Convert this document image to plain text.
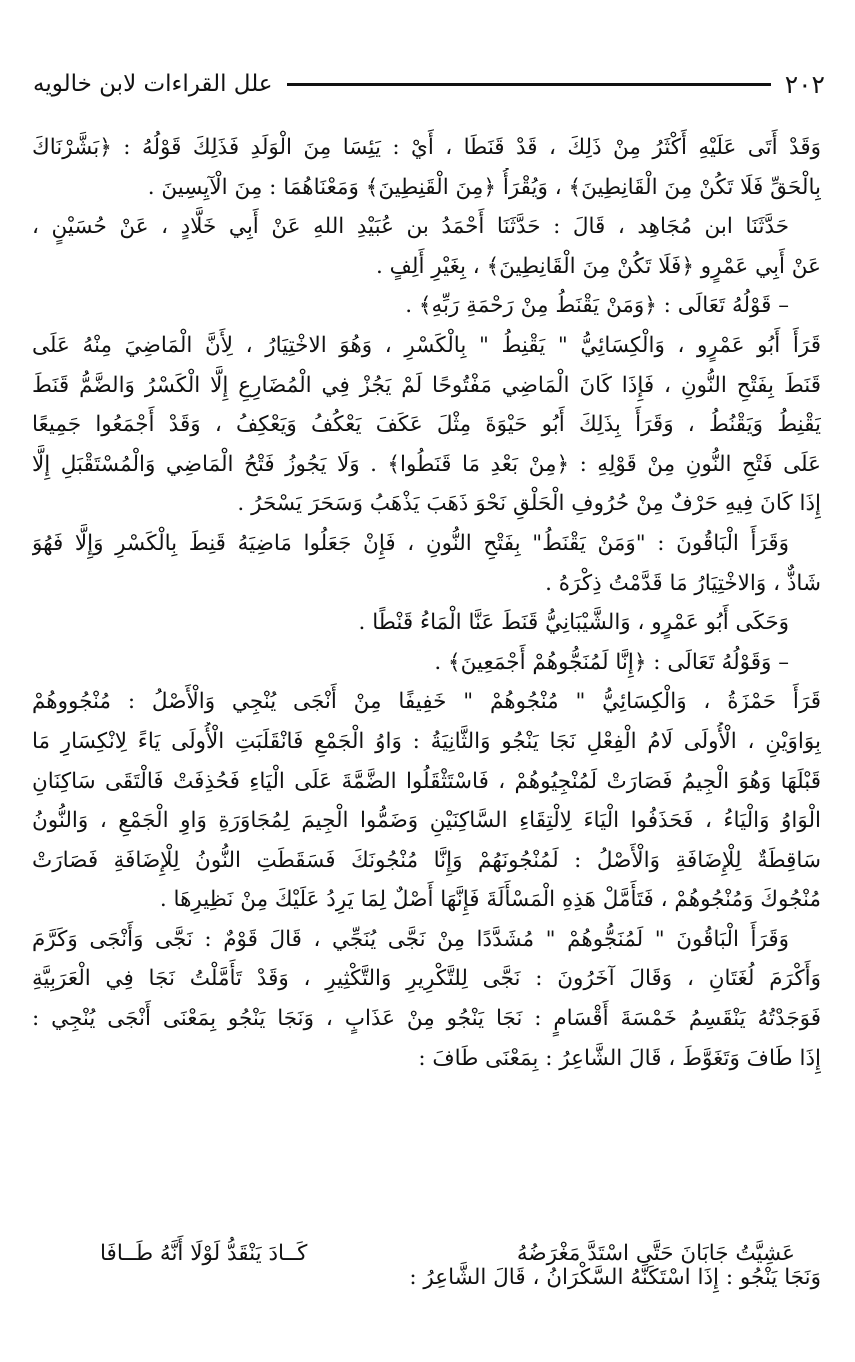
٢٠٢
علل القراءات لابن خالويه
وَقَدْ أَتَى عَلَيْهِ أَكْثَرُ مِنْ ذَلِكَ ، قَدْ قَنَطَا ، أَيْ : يَئِسَا مِنَ الْوَلَدِ فَذَلِكَ قَوْلُهُ : ﴿بَشَّرْنَاكَ
بِالْحَقِّ فَلَا تَكُنْ مِنَ الْقَانِطِينَ﴾ ، وَيُقْرَأُ ﴿مِنَ الْقَنِطِينَ﴾ وَمَعْنَاهُمَا : مِنَ الْآيِسِينَ .
حَدَّثَنَا ابن مُجَاهِد ، قَالَ : حَدَّثَنَا أَحْمَدُ بن عُبَيْدِ اللهِ عَنْ أَبِي خَلَّادٍ ، عَنْ حُسَيْنٍ ،
عَنْ أَبِي عَمْرٍو ﴿فَلَا تَكُنْ مِنَ الْقَانِطِينَ﴾ ، بِغَيْرِ أَلِفٍ .
– قَوْلُهُ تَعَالَى : ﴿وَمَنْ يَقْنَطُ مِنْ رَحْمَةِ رَبِّهِ﴾ .
قَرَأَ أَبُو عَمْرٍو ، وَالْكِسَائِيُّ " يَقْنِطُ " بِالْكَسْرِ ، وَهُوَ الاخْتِيَارُ ، لِأَنَّ الْمَاضِيَ مِنْهُ عَلَى
قَنَطَ بِفَتْحِ النُّونِ ، فَإِذَا كَانَ الْمَاضِي مَفْتُوحًا لَمْ يَجُزْ فِي الْمُضَارِعِ إِلَّا الْكَسْرُ وَالضَّمُّ قَنَطَ
يَقْنِطُ وَيَقْنُطُ ، وَقَرَأَ بِذَلِكَ أَبُو حَيْوَةَ مِثْلَ عَكَفَ يَعْكُفُ وَيَعْكِفُ ، وَقَدْ أَجْمَعُوا جَمِيعًا
عَلَى فَتْحِ النُّونِ مِنْ قَوْلِهِ : ﴿مِنْ بَعْدِ مَا قَنَطُوا﴾ . وَلَا يَجُوزُ فَتْحُ الْمَاضِي وَالْمُسْتَقْبَلِ إِلَّا
إِذَا كَانَ فِيهِ حَرْفٌ مِنْ حُرُوفِ الْحَلْقِ نَحْوَ ذَهَبَ يَذْهَبُ وَسَحَرَ يَسْحَرُ .
وَقَرَأَ الْبَاقُونَ : "وَمَنْ يَقْنَطُ" بِفَتْحِ النُّونِ ، فَإِنْ جَعَلُوا مَاضِيَهُ قَنِطَ بِالْكَسْرِ وَإِلَّا فَهُوَ
شَاذٌّ ، وَالاخْتِيَارُ مَا قَدَّمْتُ ذِكْرَهُ .
وَحَكَى أَبُو عَمْرٍو ، وَالشَّيْبَانِيُّ قَنَطَ عَنَّا الْمَاءُ قَنْطًا .
– وَقَوْلُهُ تَعَالَى : ﴿إِنَّا لَمُنَجُّوهُمْ أَجْمَعِينَ﴾ .
قَرَأَ حَمْزَةُ ، وَالْكِسَائِيُّ " مُنْجُوهُمْ " خَفِيفًا مِنْ أَنْجَى يُنْجِي وَالْأَصْلُ : مُنْجُووهُمْ
بِوَاوَيْنِ ، الْأُولَى لَامُ الْفِعْلِ نَجَا يَنْجُو وَالثَّانِيَةُ : وَاوُ الْجَمْعِ فَانْقَلَبَتِ الْأُولَى يَاءً لِانْكِسَارِ مَا
قَبْلَهَا وَهُوَ الْجِيمُ فَصَارَتْ لَمُنْجِيُوهُمْ ، فَاسْتَثْقَلُوا الضَّمَّةَ عَلَى الْيَاءِ فَحُذِفَتْ فَالْتَقَى سَاكِنَانِ
الْوَاوُ وَالْيَاءُ ، فَحَذَفُوا الْيَاءَ لِالْتِقَاءِ السَّاكِنَيْنِ وَضَمُّوا الْجِيمَ لِمُجَاوَرَةِ وَاوِ الْجَمْعِ ، وَالنُّونُ
سَاقِطَةٌ لِلْإِضَافَةِ وَالْأَصْلُ : لَمُنْجُونَهُمْ وَإِنَّا مُنْجُونَكَ فَسَقَطَتِ النُّونُ لِلْإِضَافَةِ فَصَارَتْ
مُنْجُوكَ وَمُنْجُوهُمْ ، فَتَأَمَّلْ هَذِهِ الْمَسْأَلَةَ فَإِنَّهَا أَصْلٌ لِمَا يَرِدُ عَلَيْكَ مِنْ نَظِيرِهَا .
وَقَرَأَ الْبَاقُونَ " لَمُنَجُّوهُمْ " مُشَدَّدًا مِنْ نَجَّى يُنَجِّي ، قَالَ قَوْمٌ : نَجَّى وَأَنْجَى وَكَرَّمَ
وَأَكْرَمَ لُغَتَانِ ، وَقَالَ آخَرُونَ : نَجَّى لِلتَّكْرِيرِ وَالتَّكْثِيرِ ، وَقَدْ تَأَمَّلْتُ نَجَا فِي الْعَرَبِيَّةِ
فَوَجَدْتُهُ يَنْقَسِمُ خَمْسَةَ أَقْسَامٍ : نَجَا يَنْجُو مِنْ عَذَابٍ ، وَنَجَا يَنْجُو بِمَعْنَى أَنْجَى يُنْجِي :
إِذَا طَافَ وَتَغَوَّطَ ، قَالَ الشَّاعِرُ : بِمَعْنَى طَافَ :
عَشِيَّتُ جَابَانَ حَتَّى اسْتَدَّ مَغْرَضُهُ
كَــادَ يَنْقَدُّ لَوْلَا أَنَّهُ طَــافَا
وَنَجَا يَنْجُو : إِذَا اسْتَكَنَّهُ السَّكْرَانُ ، قَالَ الشَّاعِرُ :
